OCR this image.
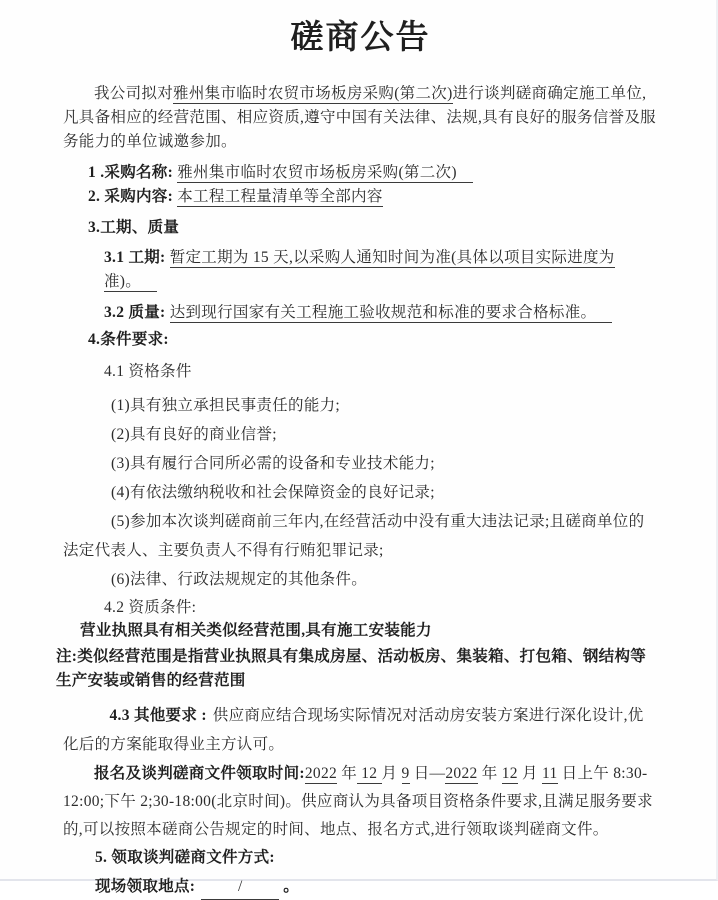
磋商公告

我公司拟对雅州集市临时农贸市场板房采购(第二次)进行谈判磋商确定施工单位,凡具备相应的经营范围、相应资质,遵守中国有关法律、法规,具有良好的服务信誉及服务能力的单位诚邀参加。

1 .采购名称: 雅州集市临时农贸市场板房采购(第二次)

2. 采购内容: 本工程工程量清单等全部内容

3.工期、质量

3.1 工期: 暂定工期为 15 天,以采购人通知时间为准(具体以项目实际进度为准)。

3.2 质量: 达到现行国家有关工程施工验收规范和标准的要求合格标准。

4.条件要求:

4.1 资格条件

(1)具有独立承担民事责任的能力;

(2)具有良好的商业信誉;

(3)具有履行合同所必需的设备和专业技术能力;

(4)有依法缴纳税收和社会保障资金的良好记录;

(5)参加本次谈判磋商前三年内,在经营活动中没有重大违法记录;且磋商单位的法定代表人、主要负责人不得有行贿犯罪记录;

(6)法律、行政法规规定的其他条件。

4.2 资质条件:

营业执照具有相关类似经营范围,具有施工安装能力

注:类似经营范围是指营业执照具有集成房屋、活动板房、集装箱、打包箱、钢结构等生产安装或销售的经营范围

4.3 其他要求 : 供应商应结合现场实际情况对活动房安装方案进行深化设计,优化后的方案能取得业主方认可。

报名及谈判磋商文件领取时间:2022 年 12 月 9 日—2022 年 12 月 11 日上午 8:30-12:00;下午 2;30-18:00(北京时间)。供应商认为具备项目资格条件要求,且满足服务要求的,可以按照本磋商公告规定的时间、地点、报名方式,进行领取谈判磋商文件。

5. 领取谈判磋商文件方式:

现场领取地点:	/	。
